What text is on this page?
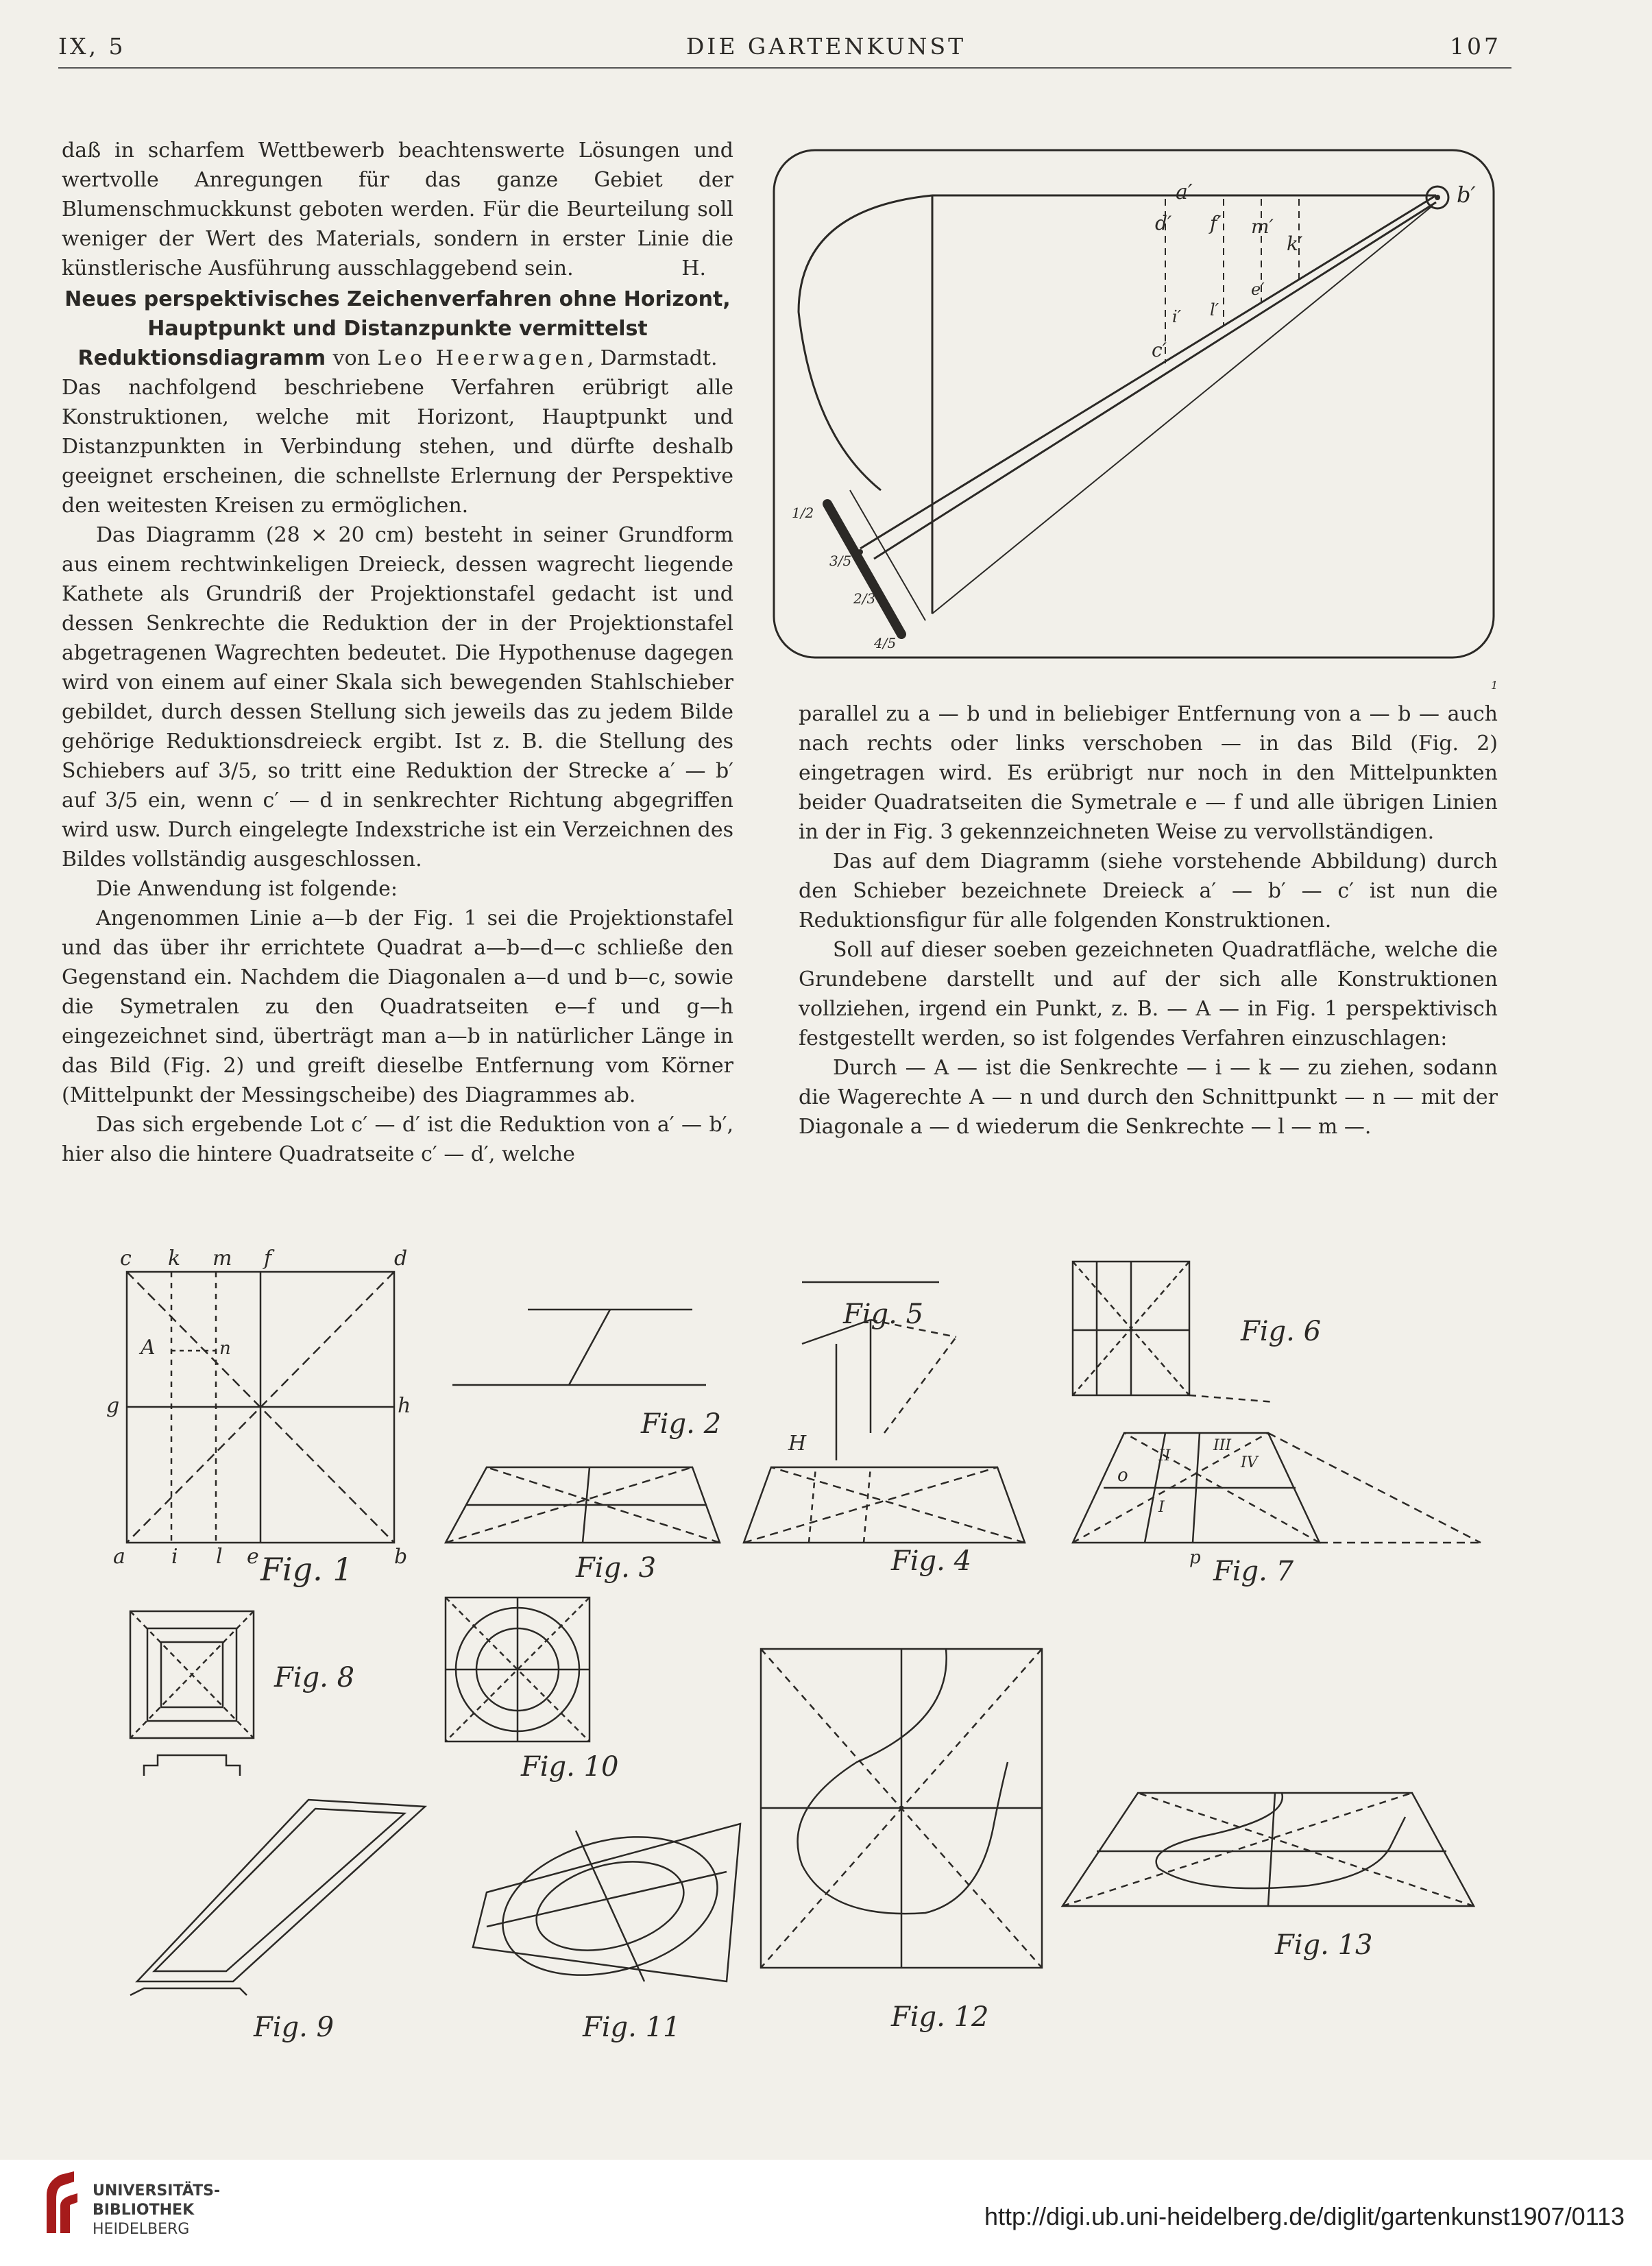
IX, 5	DIE GARTENKUNST	107

daß in scharfem Wettbewerb beachtenswerte Lösungen und wertvolle Anregungen für das ganze Gebiet der Blumenschmuckkunst geboten werden. Für die Beurteilung soll weniger der Wert des Materials, sondern in erster Linie die künstlerische Ausführung ausschlaggebend sein.	H.

Neues perspektivisches Zeichenverfahren ohne Horizont, Hauptpunkt und Distanzpunkte vermittelst Reduktionsdiagramm von Leo Heerwagen, Darmstadt.

Das nachfolgend beschriebene Verfahren erübrigt alle Konstruktionen, welche mit Horizont, Hauptpunkt und Distanzpunkten in Verbindung stehen, und dürfte deshalb geeignet erscheinen, die schnellste Erlernung der Perspektive den weitesten Kreisen zu ermöglichen.

Das Diagramm (28 × 20 cm) besteht in seiner Grundform aus einem rechtwinkeligen Dreieck, dessen wagrecht liegende Kathete als Grundriß der Projektionstafel gedacht ist und dessen Senkrechte die Reduktion der in der Projektionstafel abgetragenen Wagrechten bedeutet. Die Hypothenuse dagegen wird von einem auf einer Skala sich bewegenden Stahlschieber gebildet, durch dessen Stellung sich jeweils das zu jedem Bilde gehörige Reduktionsdreieck ergibt. Ist z. B. die Stellung des Schiebers auf 3/5, so tritt eine Reduktion der Strecke a′ — b′ auf 3/5 ein, wenn c′ — d in senkrechter Richtung abgegriffen wird usw. Durch eingelegte Indexstriche ist ein Verzeichnen des Bildes vollständig ausgeschlossen.

Die Anwendung ist folgende:

Angenommen Linie a—b der Fig. 1 sei die Projektionstafel und das über ihr errichtete Quadrat a—b—d—c schließe den Gegenstand ein. Nachdem die Diagonalen a—d und b—c, sowie die Symetralen zu den Quadratseiten e—f und g—h eingezeichnet sind, überträgt man a—b in natürlicher Länge in das Bild (Fig. 2) und greift dieselbe Entfernung vom Körner (Mittelpunkt der Messingscheibe) des Diagrammes ab.

Das sich ergebende Lot c′ — d′ ist die Reduktion von a′ — b′, hier also die hintere Quadratseite c′ — d′, welche

a′	b′
c′
d′ f′ m′
k′
i′ l′
e′
1/2
3/5
2/3
4/5
1

parallel zu a — b und in beliebiger Entfernung von a — b — auch nach rechts oder links verschoben — in das Bild (Fig. 2) eingetragen wird. Es erübrigt nur noch in den Mittelpunkten beider Quadratseiten die Symetrale e — f und alle übrigen Linien in der in Fig. 3 gekennzeichneten Weise zu vervollständigen.

Das auf dem Diagramm (siehe vorstehende Abbildung) durch den Schieber bezeichnete Dreieck a′ — b′ — c′ ist nun die Reduktionsfigur für alle folgenden Konstruktionen.

Soll auf dieser soeben gezeichneten Quadratfläche, welche die Grundebene darstellt und auf der sich alle Konstruktionen vollziehen, irgend ein Punkt, z. B. — A — in Fig. 1 perspektivisch festgestellt werden, so ist folgendes Verfahren einzuschlagen:

Durch — A — ist die Senkrechte — i — k — zu ziehen, sodann die Wagerechte A — n und durch den Schnittpunkt — n — mit der Diagonale a — d wiederum die Senkrechte — l — m —.

Fig. 1
Fig. 2
Fig. 3	Fig. 4
Fig. 5
Fig. 6
Fig. 7
Fig. 8
Fig. 9
Fig. 10
Fig. 11	Fig. 12
Fig. 13
a	b
c	d
e
f
g	h
i
k
l
m
n
A
H
o
p
I
II
III
IV
UNIVERSITÄTS-
BIBLIOTHEK
HEIDELBERG	http://digi.ub.uni-heidelberg.de/diglit/gartenkunst1907/0113
